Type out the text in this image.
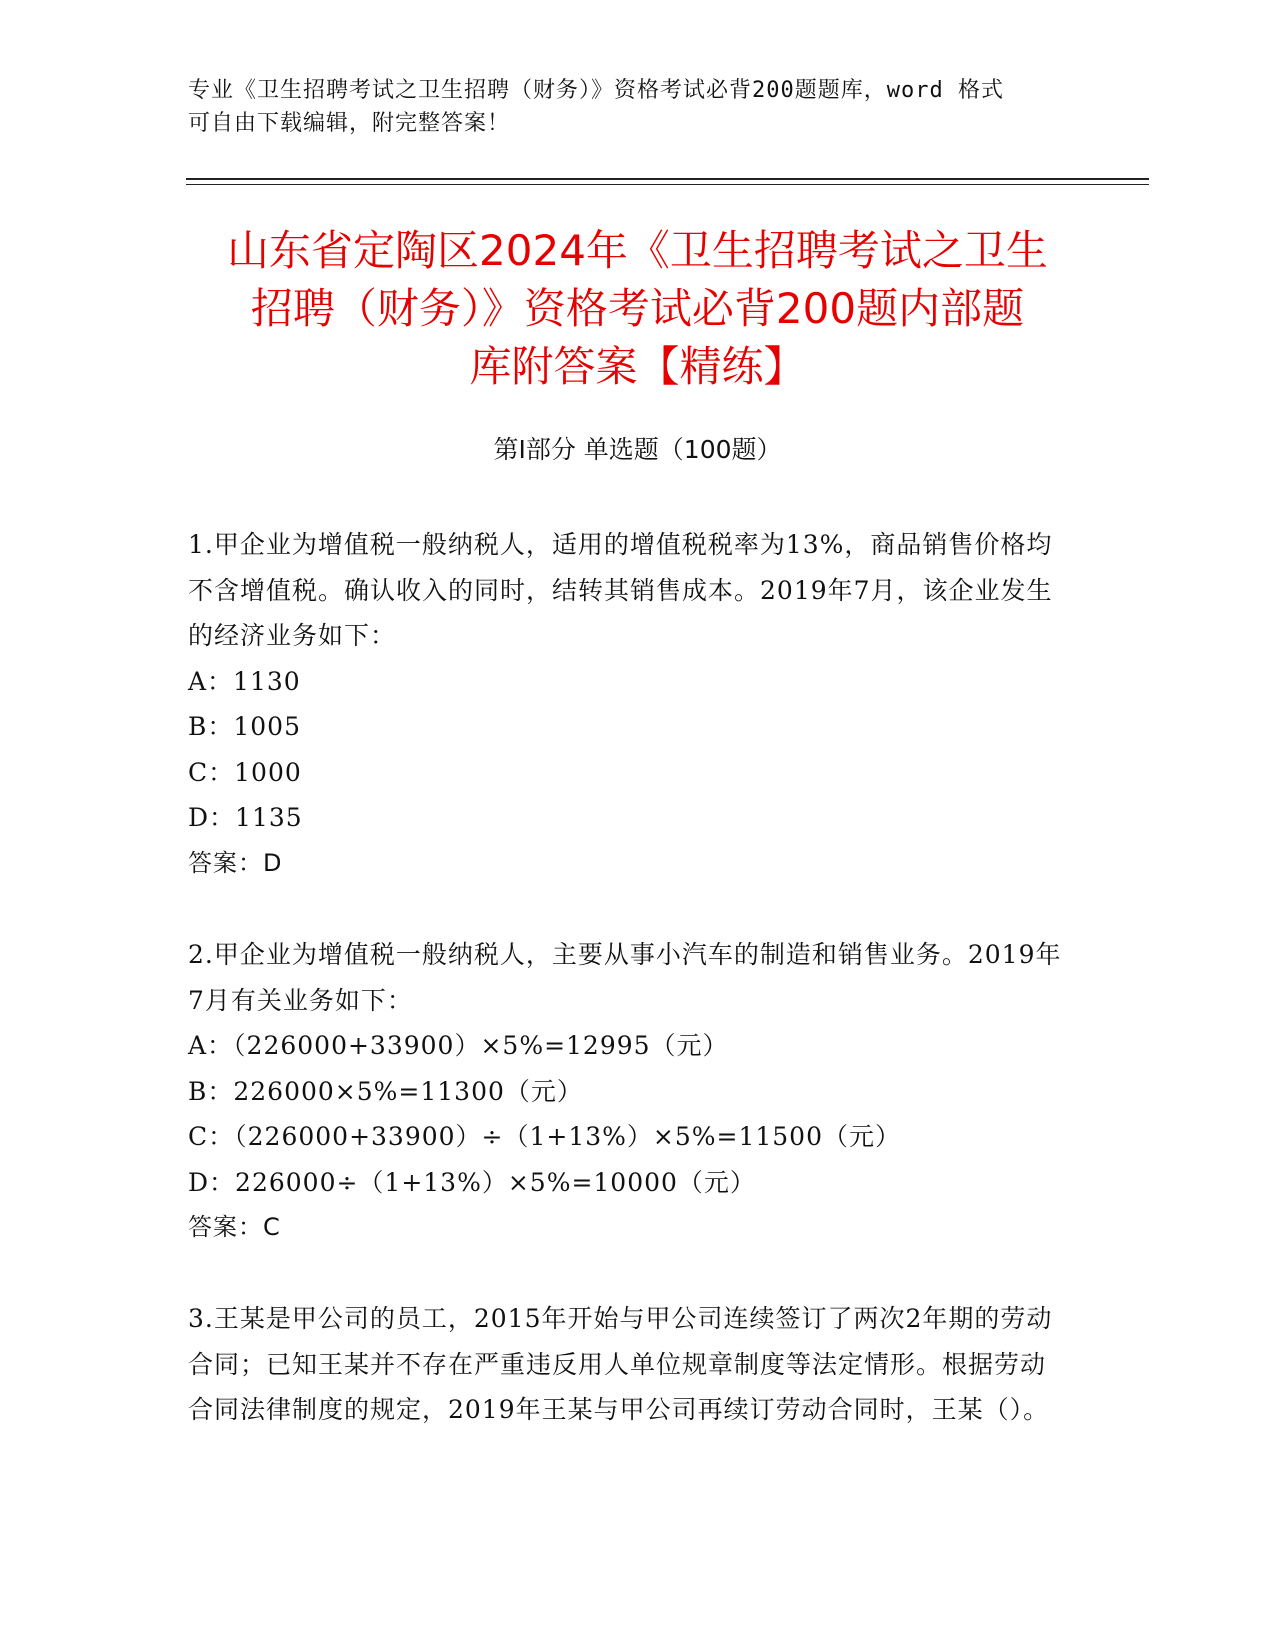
专业《卫生招聘考试之卫生招聘（财务）》资格考试必背200题题库，word 格式
可自由下载编辑，附完整答案！
山东省定陶区2024年《卫生招聘考试之卫生
招聘（财务）》资格考试必背200题内部题
库附答案【精练】
第I部分 单选题（100题）
1.甲企业为增值税一般纳税人，适用的增值税税率为13%，商品销售价格均不含增值税。确认收入的同时，结转其销售成本。2019年7月，该企业发生的经济业务如下：
A：1130
B：1005
C：1000
D：1135
答案：D
2.甲企业为增值税一般纳税人，主要从事小汽车的制造和销售业务。2019年7月有关业务如下：
A：（226000+33900）×5%=12995（元）
B：226000×5%=11300（元）
C：（226000+33900）÷（1+13%）×5%=11500（元）
D：226000÷（1+13%）×5%=10000（元）
答案：C
3.王某是甲公司的员工，2015年开始与甲公司连续签订了两次2年期的劳动合同；已知王某并不存在严重违反用人单位规章制度等法定情形。根据劳动合同法律制度的规定，2019年王某与甲公司再续订劳动合同时，王某（）。
